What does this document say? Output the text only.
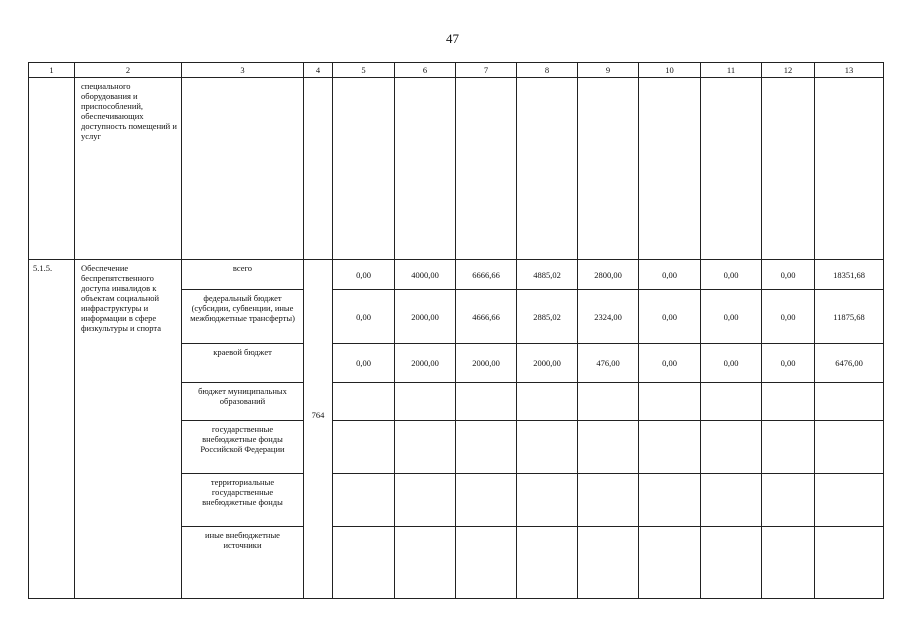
47
1	2	3	4	5	6	7	8	9	10	11	12	13
	специального оборудования и приспособлений, обеспечивающих доступность помещений и услуг											
5.1.5.	Обеспечение беспрепятственного доступа инвалидов к объектам социальной инфраструктуры и информации в сфере физкультуры и спорта	всего	764	0,00	4000,00	6666,66	4885,02	2800,00	0,00	0,00	0,00	18351,68
		федеральный бюджет (субсидии, субвенции, иные межбюджетные трансферты)		0,00	2000,00	4666,66	2885,02	2324,00	0,00	0,00	0,00	11875,68
		краевой бюджет		0,00	2000,00	2000,00	2000,00	476,00	0,00	0,00	0,00	6476,00
		бюджет муниципальных образований										
		государственные внебюджетные фонды Российской Федерации										
		территориальные государственные внебюджетные фонды										
		иные внебюджетные источники										
